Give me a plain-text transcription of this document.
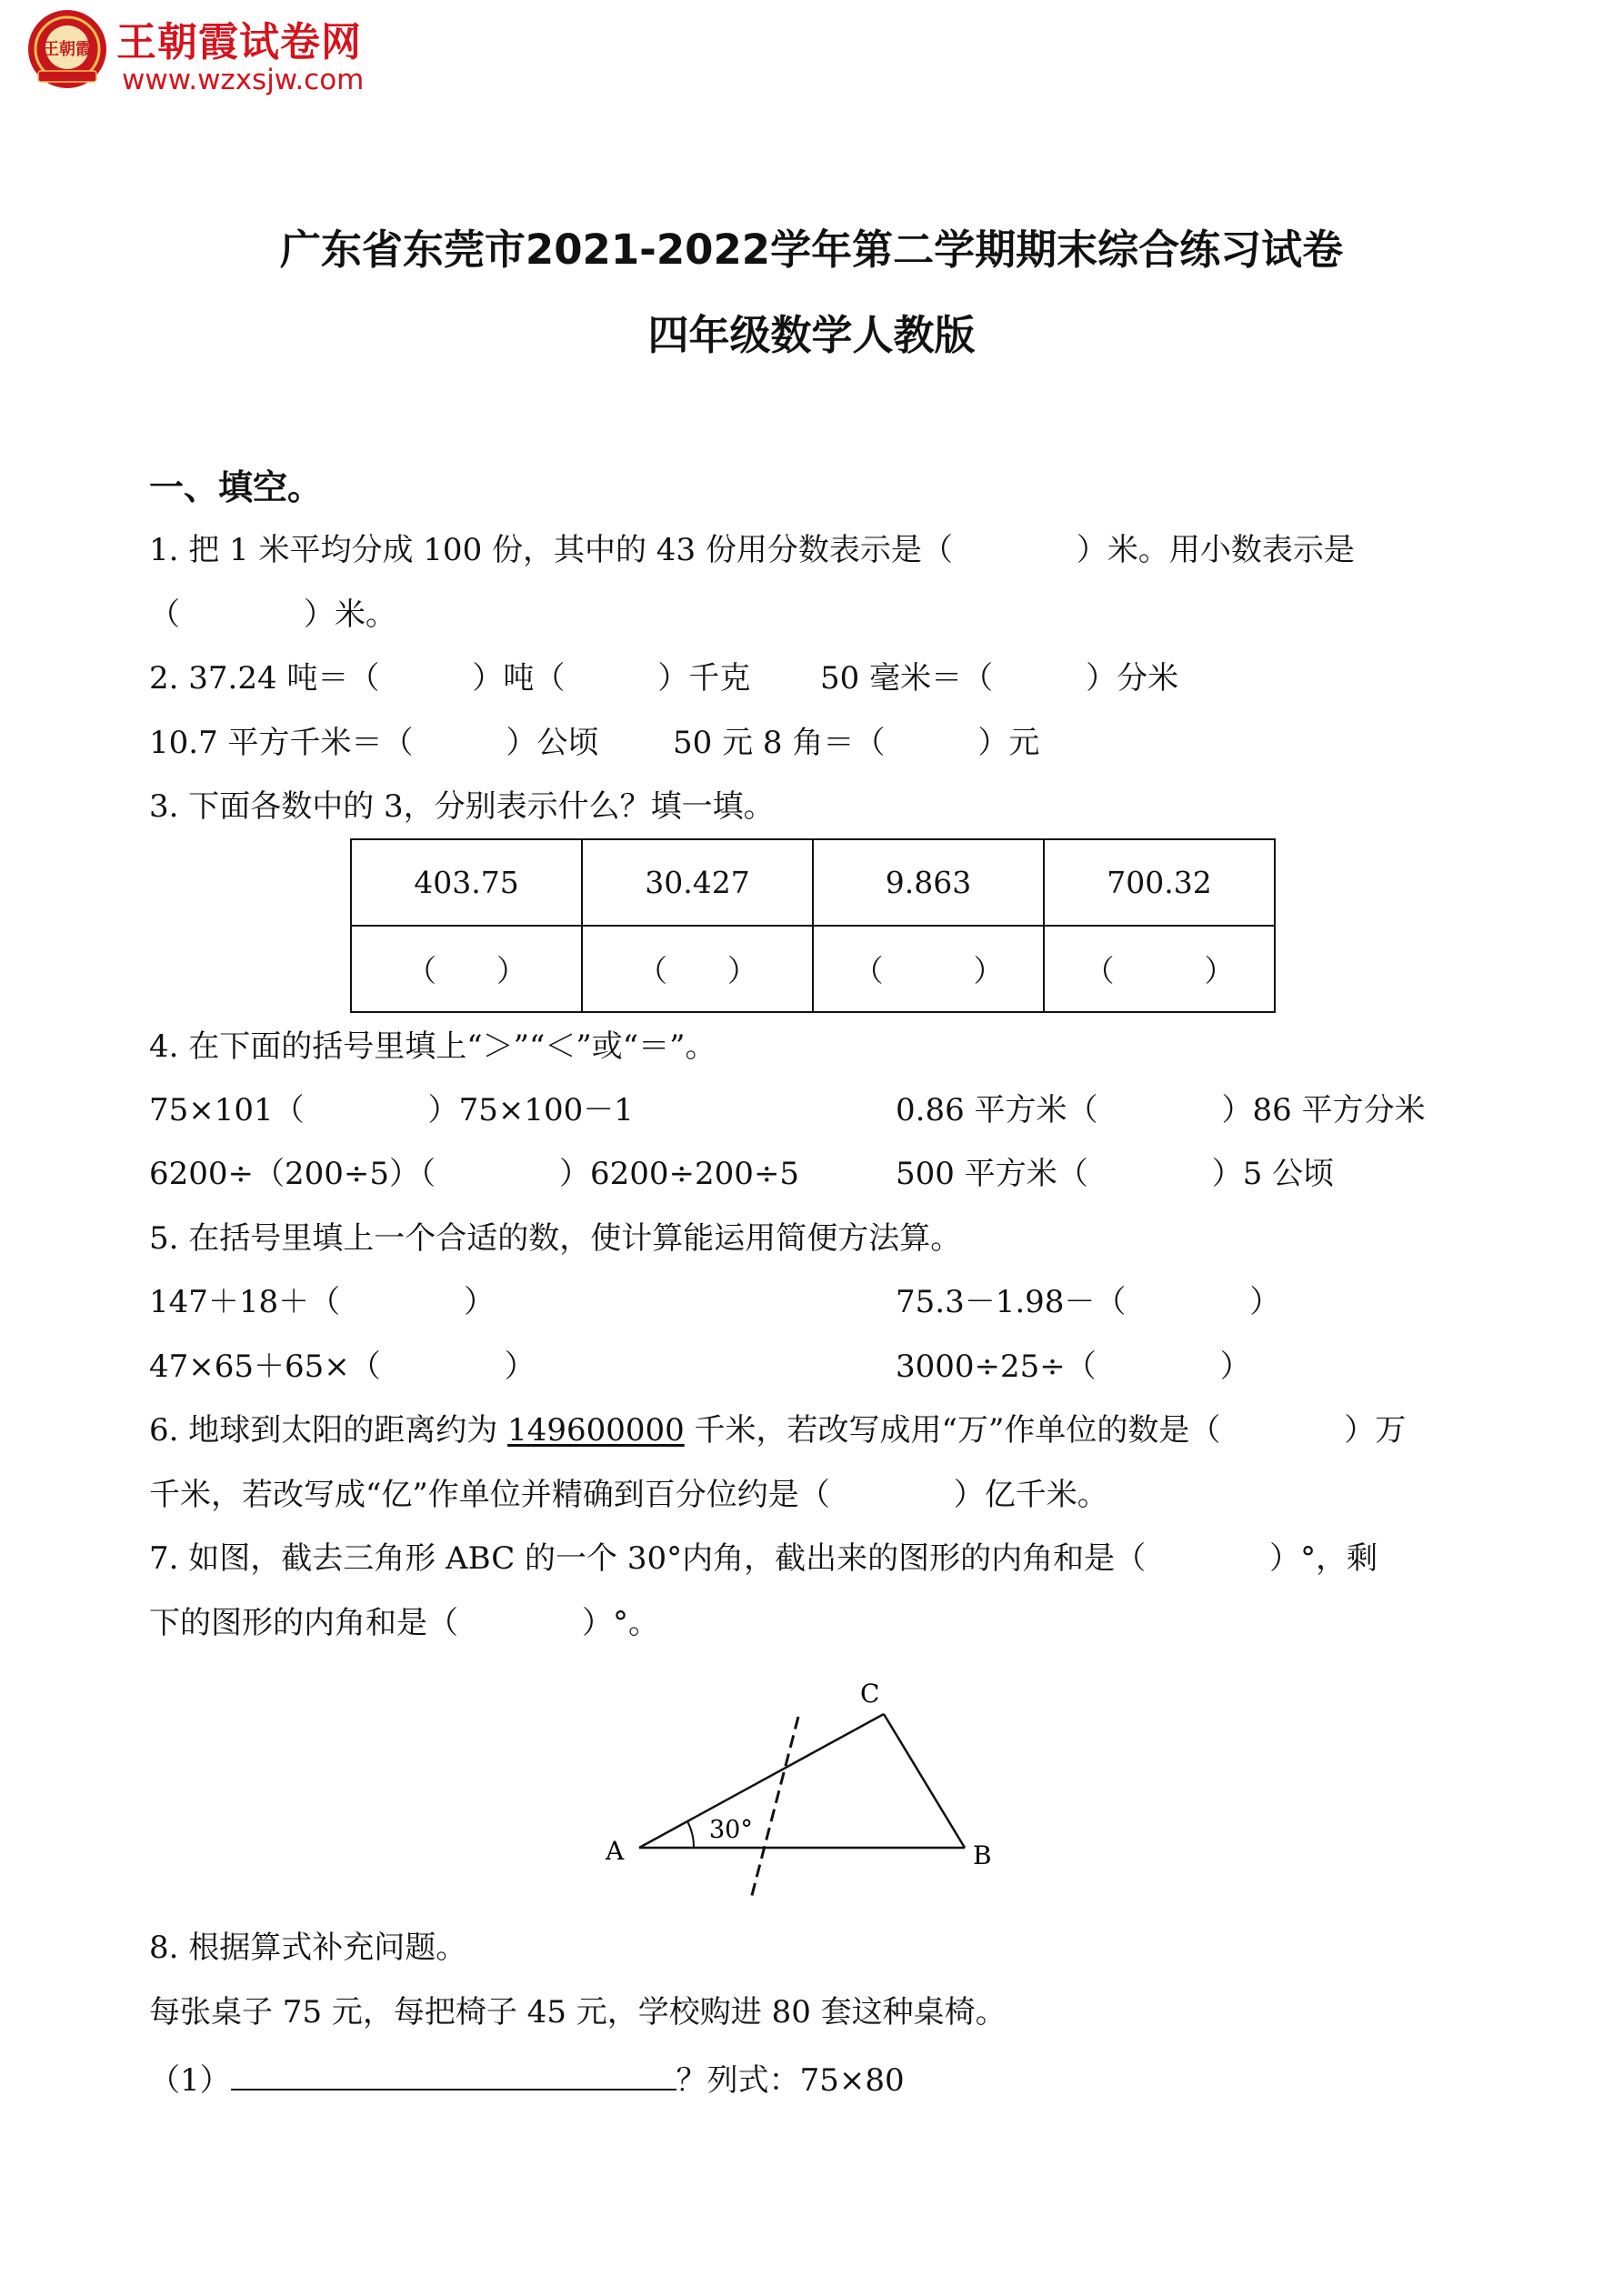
王朝霞 王朝霞试卷网
www.wzxsjw.com
广东省东莞市2021-2022学年第二学期期末综合练习试卷
四年级数学人教版
一、填空。
1. 把 1 米平均分成 100 份，其中的 43 份用分数表示是（　　　　）米。用小数表示是
（　　　　）米。
2. 37.24 吨＝（　　　）吨（　　　）千克 50 毫米＝（　　　）分米
10.7 平方千米＝（　　　）公顷 50 元 8 角＝（　　　）元
3. 下面各数中的 3，分别表示什么？填一填。
403.75	30.427	9.863	700.32
（　　）	（　　）	（　　　）	（　　　）
4. 在下面的括号里填上“＞”“＜”或“＝”。
75×101（　　　　）75×100－1	0.86 平方米（　　　　）86 平方分米
6200÷（200÷5）（　　　　）6200÷200÷5	500 平方米（　　　　）5 公顷
5. 在括号里填上一个合适的数，使计算能运用简便方法算。
147＋18＋（　　　　）	75.3－1.98－（　　　　）
47×65＋65×（　　　　）	3000÷25÷（　　　　）
6. 地球到太阳的距离约为 149600000 千米，若改写成用“万”作单位的数是（　　　　）万
千米，若改写成“亿”作单位并精确到百分位约是（　　　　）亿千米。
7. 如图，截去三角形 ABC 的一个 30°内角，截出来的图形的内角和是（　　　　）°，剩
下的图形的内角和是（　　　　）°。
30°
A	B
C
8. 根据算式补充问题。
每张桌子 75 元，每把椅子 45 元，学校购进 80 套这种桌椅。
（1）	？列式：75×80
